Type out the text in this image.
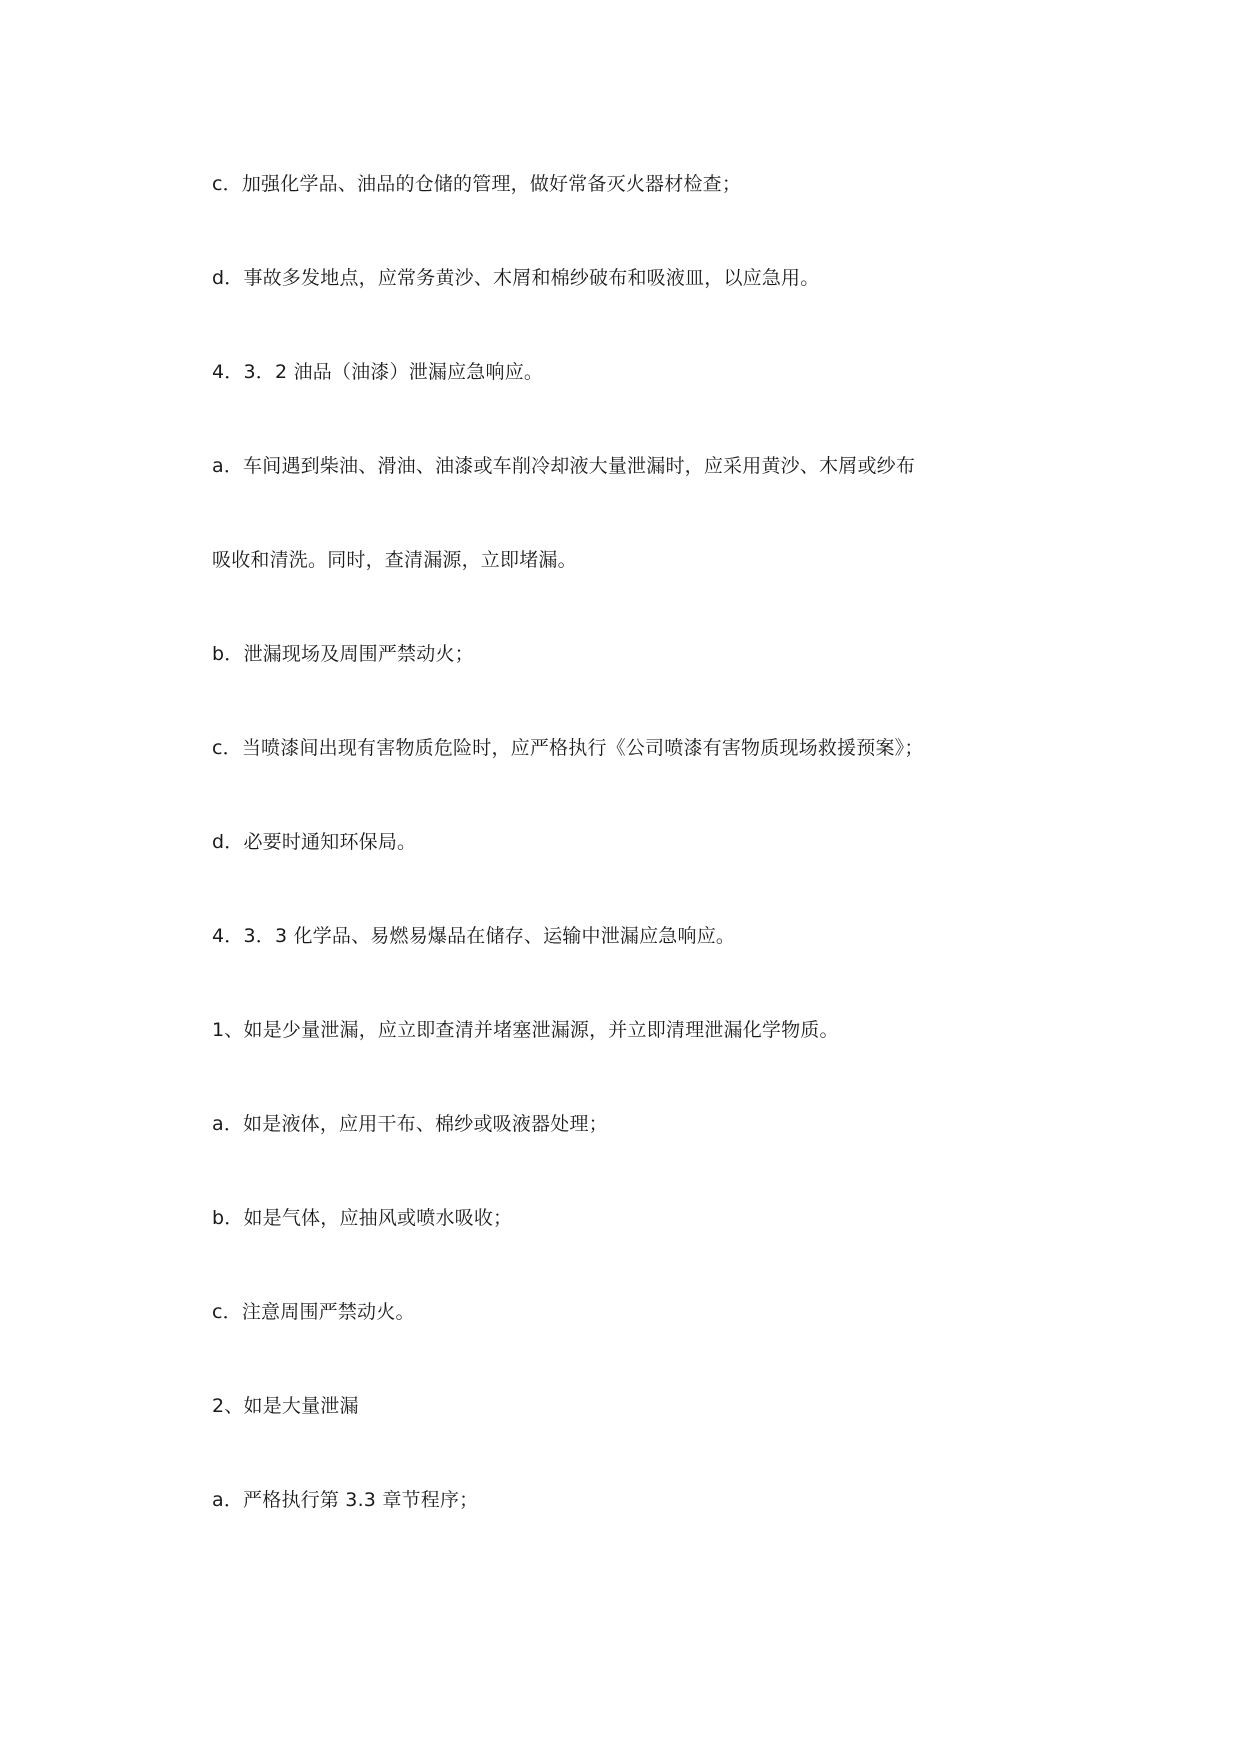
c．加强化学品、油品的仓储的管理，做好常备灭火器材检查；
d．事故多发地点，应常务黄沙、木屑和棉纱破布和吸液皿，以应急用。
4．3．2 油品（油漆）泄漏应急响应。
a．车间遇到柴油、滑油、油漆或车削冷却液大量泄漏时，应采用黄沙、木屑或纱布
吸收和清洗。同时，查清漏源，立即堵漏。
b．泄漏现场及周围严禁动火；
c．当喷漆间出现有害物质危险时，应严格执行《公司喷漆有害物质现场救援预案》；
d．必要时通知环保局。
4．3．3 化学品、易燃易爆品在储存、运输中泄漏应急响应。
1、如是少量泄漏，应立即查清并堵塞泄漏源，并立即清理泄漏化学物质。
a．如是液体，应用干布、棉纱或吸液器处理；
b．如是气体，应抽风或喷水吸收；
c．注意周围严禁动火。
2、如是大量泄漏
a．严格执行第 3.3 章节程序；
